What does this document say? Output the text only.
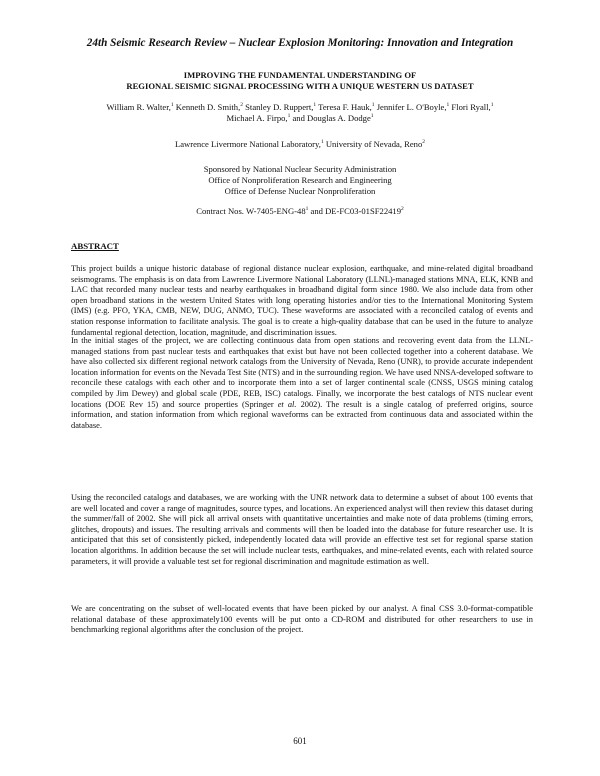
24th Seismic Research Review – Nuclear Explosion Monitoring: Innovation and Integration
IMPROVING THE FUNDAMENTAL UNDERSTANDING OF
REGIONAL SEISMIC SIGNAL PROCESSING WITH A UNIQUE WESTERN US DATASET
William R. Walter,$^1$ Kenneth D. Smith,$^2$ Stanley D. Ruppert,$^1$ Teresa F. Hauk,$^1$ Jennifer L. O'Boyle,$^1$ Flori Ryall,$^1$
Michael A. Firpo,$^1$ and Douglas A. Dodge$^1$
Lawrence Livermore National Laboratory,$^1$ University of Nevada, Reno$^2$
Sponsored by National Nuclear Security Administration
Office of Nonproliferation Research and Engineering
Office of Defense Nuclear Nonproliferation
Contract Nos. $W-7405-ENG-48^1$ and DE-FC03-01SF22419$^2$
ABSTRACT

This project builds a unique historic database of regional distance nuclear explosion, earthquake, and mine-related digital broadband seismograms. The emphasis is on data from Lawrence Livermore National Laboratory (LLNL)-managed stations MNA, ELK, KNB and LAC that recorded many nuclear tests and nearby earthquakes in broadband digital form since 1980. We also include data from other open broadband stations in the western United States with long operating histories and/or ties to the International Monitoring System (IMS) (e.g. PFO, YKA, CMB, NEW, DUG, ANMO, TUC). These waveforms are associated with a reconciled catalog of events and station response information to facilitate analysis. The goal is to create a high-quality database that can be used in the future to analyze fundamental regional detection, location, magnitude, and discrimination issues.

In the initial stages of the project, we are collecting continuous data from open stations and recovering event data from the LLNL-managed stations from past nuclear tests and earthquakes that exist but have not been collected together into a coherent database. We have also collected six different regional network catalogs from the University of Nevada, Reno (UNR), to provide accurate independent location information for events on the Nevada Test Site (NTS) and in the surrounding region. We have used NNSA-developed software to reconcile these catalogs with each other and to incorporate them into a set of larger continental scale (CNSS, USGS mining catalog compiled by Jim Dewey) and global scale (PDE, REB, ISC) catalogs. Finally, we incorporate the best catalogs of NTS nuclear event locations (DOE Rev 15) and source properties (Springer et al. 2002). The result is a single catalog of preferred origins, source information, and station information from which regional waveforms can be extracted from continuous data and associated within the database.

Using the reconciled catalogs and databases, we are working with the UNR network data to determine a subset of about 100 events that are well located and cover a range of magnitudes, source types, and locations. An experienced analyst will then review this dataset during the summer/fall of 2002. She will pick all arrival onsets with quantitative uncertainties and make note of data problems (timing errors, glitches, dropouts) and issues. The resulting arrivals and comments will then be loaded into the database for future researcher use. It is anticipated that this set of consistently picked, independently located data will provide an effective test set for regional sparse station location algorithms. In addition because the set will include nuclear tests, earthquakes, and mine-related events, each with related source parameters, it will provide a valuable test set for regional discrimination and magnitude estimation as well.

We are concentrating on the subset of well-located events that have been picked by our analyst. A final CSS 3.0-format-compatible relational database of these approximately100 events will be put onto a CD-ROM and distributed for other researchers to use in benchmarking regional algorithms after the conclusion of the project.

601
